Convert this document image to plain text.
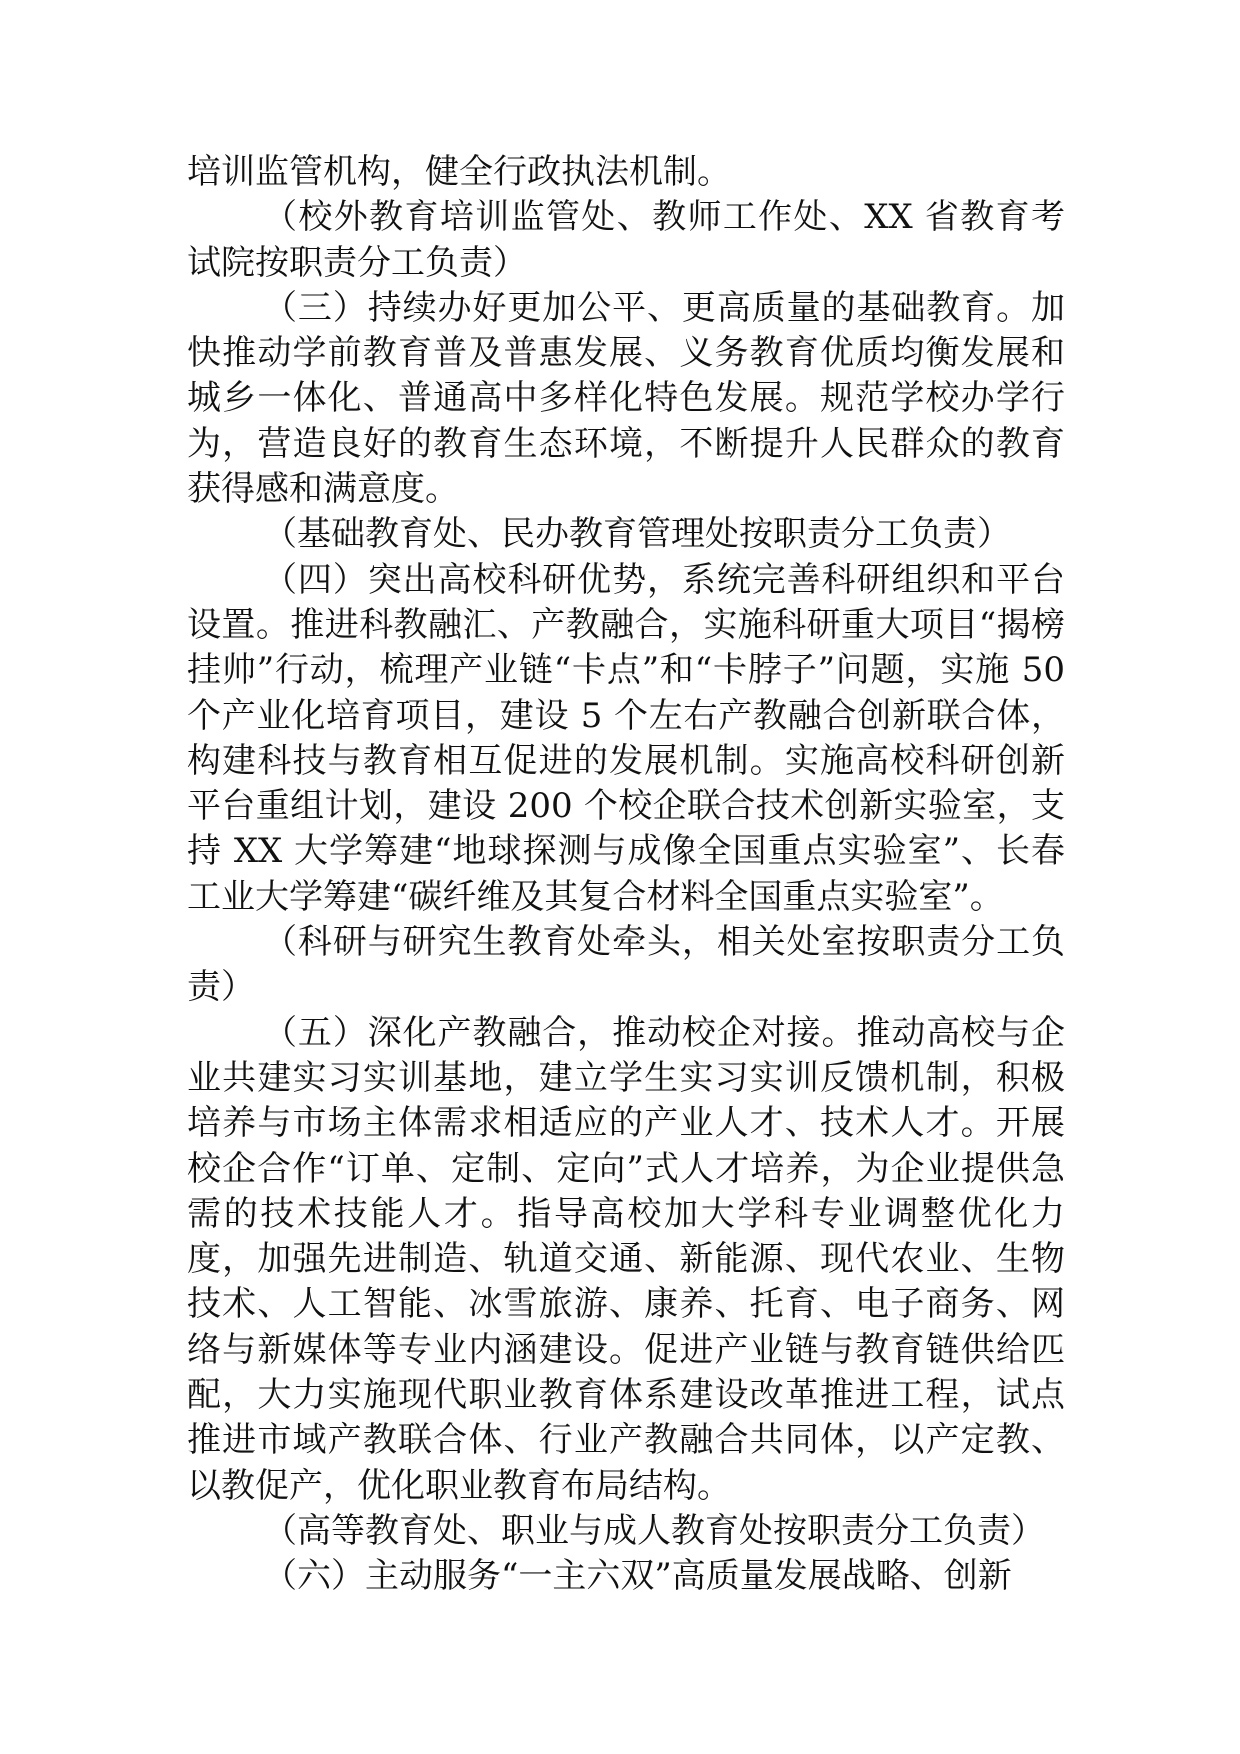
培训监管机构，健全行政执法机制。

（校外教育培训监管处、教师工作处、XX 省教育考试院按职责分工负责）

（三）持续办好更加公平、更高质量的基础教育。加快推动学前教育普及普惠发展、义务教育优质均衡发展和城乡一体化、普通高中多样化特色发展。规范学校办学行为，营造良好的教育生态环境，不断提升人民群众的教育获得感和满意度。

（基础教育处、民办教育管理处按职责分工负责）

（四）突出高校科研优势，系统完善科研组织和平台设置。推进科教融汇、产教融合，实施科研重大项目“揭榜挂帅”行动，梳理产业链“卡点”和“卡脖子”问题，实施 50 个产业化培育项目，建设 5 个左右产教融合创新联合体，构建科技与教育相互促进的发展机制。实施高校科研创新平台重组计划，建设 200 个校企联合技术创新实验室，支持 XX 大学筹建“地球探测与成像全国重点实验室”、长春工业大学筹建“碳纤维及其复合材料全国重点实验室”。

（科研与研究生教育处牵头，相关处室按职责分工负责）

（五）深化产教融合，推动校企对接。推动高校与企业共建实习实训基地，建立学生实习实训反馈机制，积极培养与市场主体需求相适应的产业人才、技术人才。开展校企合作“订单、定制、定向”式人才培养，为企业提供急需的技术技能人才。指导高校加大学科专业调整优化力度，加强先进制造、轨道交通、新能源、现代农业、生物技术、人工智能、冰雪旅游、康养、托育、电子商务、网络与新媒体等专业内涵建设。促进产业链与教育链供给匹配，大力实施现代职业教育体系建设改革推进工程，试点推进市域产教联合体、行业产教融合共同体，以产定教、以教促产，优化职业教育布局结构。

（高等教育处、职业与成人教育处按职责分工负责）

（六）主动服务“一主六双”高质量发展战略、创新
